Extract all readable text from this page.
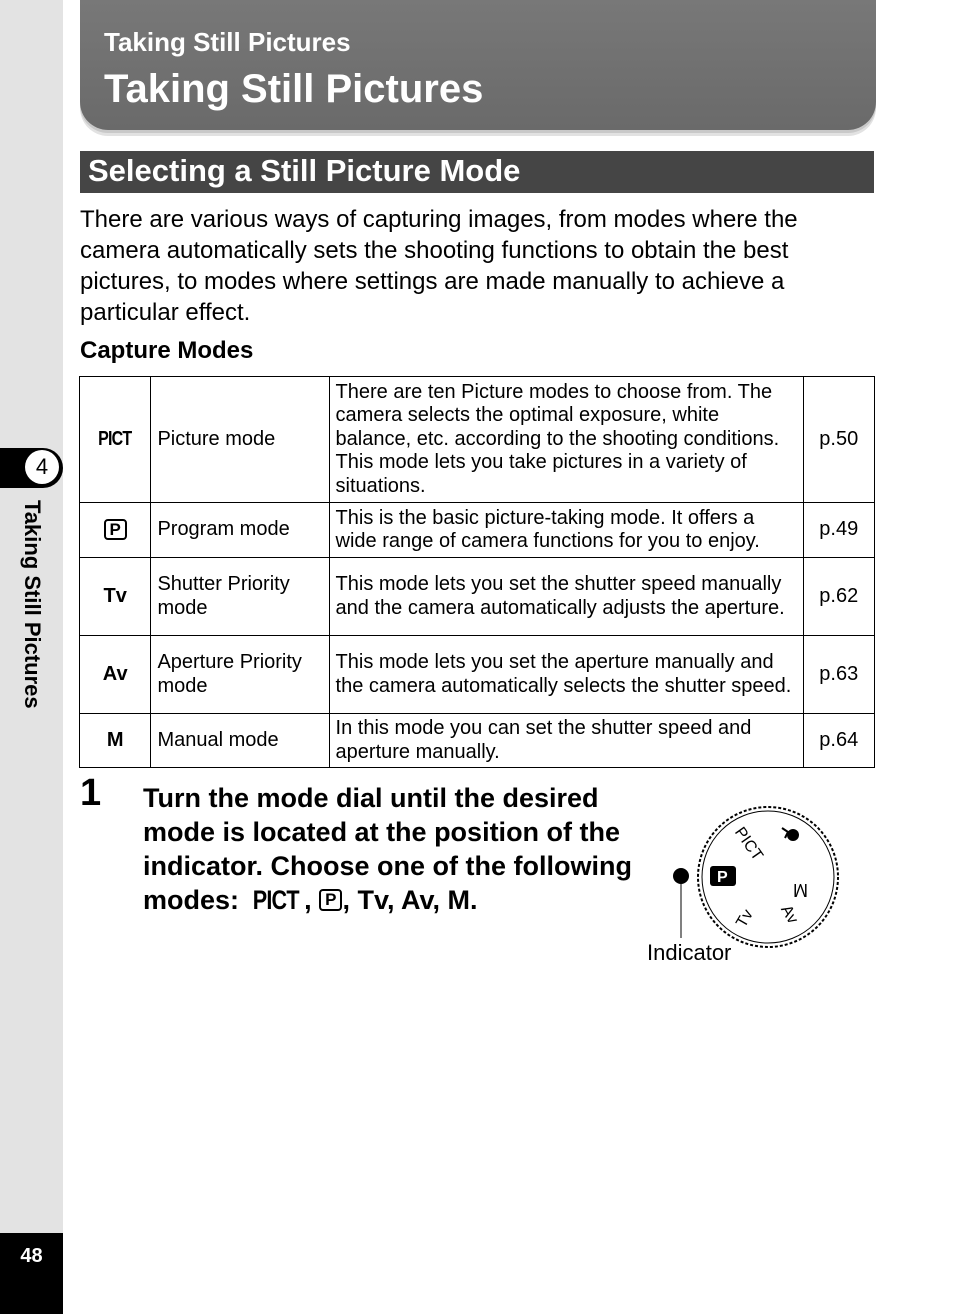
4
Taking Still Pictures
48
Taking Still Pictures
Taking Still Pictures
Selecting a Still Picture Mode
There are various ways of capturing images, from modes where the camera automatically sets the shooting functions to obtain the best pictures, to modes where settings are made manually to achieve a particular effect.
Capture Modes
PICT	Picture mode	There are ten Picture modes to choose from. The camera selects the optimal exposure, white balance, etc. according to the shooting conditions. This mode lets you take pictures in a variety of situations.	p.50
P	Program mode	This is the basic picture-taking mode. It offers a wide range of camera functions for you to enjoy.	p.49
Tv	Shutter Priority mode	This mode lets you set the shutter speed manually and the camera automatically adjusts the aperture.	p.62
Av	Aperture Priority mode	This mode lets you set the aperture manually and the camera automatically selects the shutter speed.	p.63
M	Manual mode	In this mode you can set the shutter speed and aperture manually.	p.64
1 Turn the mode dial until the desired mode is located at the position of the indicator. Choose one of the following modes: PICT , P , Tv, Av, M.
PICT
P
M
Tv Av
Indicator
